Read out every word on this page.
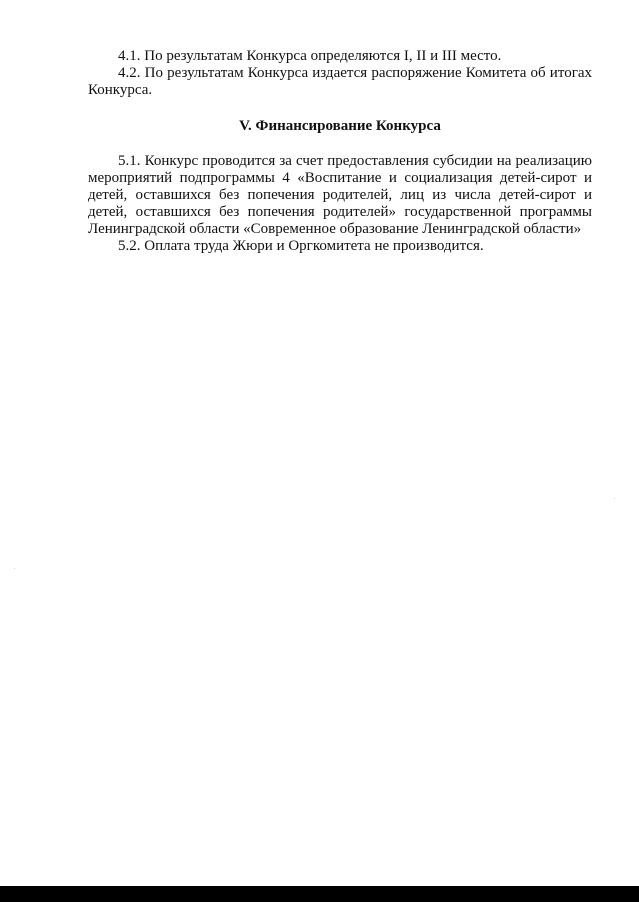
4.1. По результатам Конкурса определяются I, II и III место.

4.2. По результатам Конкурса издается распоряжение Комитета об итогах Конкурса.

V. Финансирование Конкурса

5.1. Конкурс проводится за счет предоставления субсидии на реализацию мероприятий подпрограммы 4 «Воспитание и социализация детей-сирот и детей, оставшихся без попечения родителей, лиц из числа детей-сирот и детей, оставшихся без попечения родителей» государственной программы Ленинградской области «Современное образование Ленинградской области»

5.2. Оплата труда Жюри и Оргкомитета не производится.
